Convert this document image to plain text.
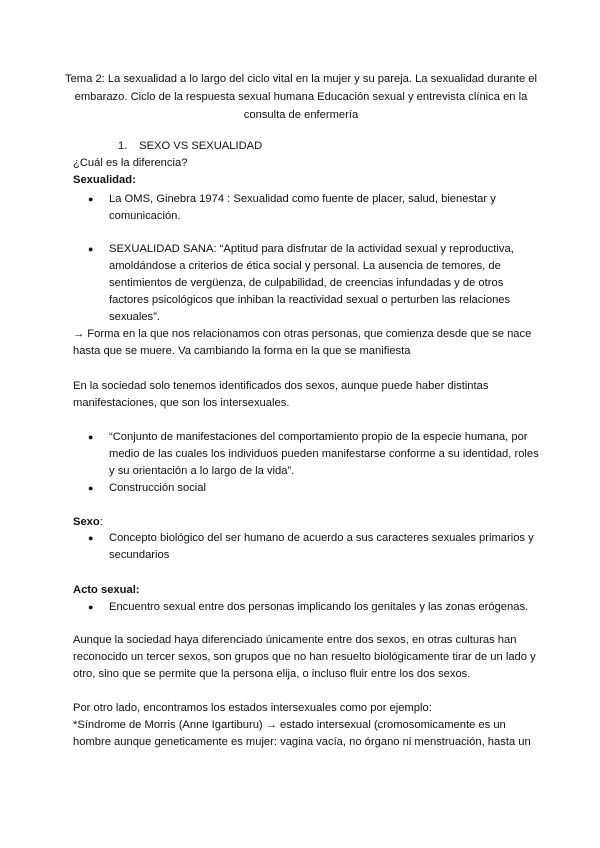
Tema 2: La sexualidad a lo largo del ciclo vital en la mujer y su pareja. La sexualidad durante el embarazo. Ciclo de la respuesta sexual humana Educación sexual y entrevista clínica en la consulta de enfermería

1. SEXO VS SEXUALIDAD

¿Cuál es la diferencia?

Sexualidad:

● La OMS, Ginebra 1974 : Sexualidad como fuente de placer, salud, bienestar y comunicación.
● SEXUALIDAD SANA: “Aptitud para disfrutar de la actividad sexual y reproductiva, amoldándose a criterios de ética social y personal. La ausencia de temores, de sentimientos de vergüenza, de culpabilidad, de creencias infundadas y de otros factores psicológicos que inhiban la reactividad sexual o perturben las relaciones sexuales”.

→ Forma en la que nos relacionamos con otras personas, que comienza desde que se nace hasta que se muere. Va cambiando la forma en la que se manifiesta

En la sociedad solo tenemos identificados dos sexos, aunque puede haber distintas manifestaciones, que son los intersexuales.

● “Conjunto de manifestaciones del comportamiento propio de la especie humana, por medio de las cuales los individuos pueden manifestarse conforme a su identidad, roles y su orientación a lo largo de la vida”.
● Construcción social

Sexo:

● Concepto biológico del ser humano de acuerdo a sus caracteres sexuales primarios y secundarios

Acto sexual:

● Encuentro sexual entre dos personas implicando los genitales y las zonas erógenas.

Aunque la sociedad haya diferenciado únicamente entre dos sexos, en otras culturas han reconocido un tercer sexos, son grupos que no han resuelto biológicamente tirar de un lado y otro, sino que se permite que la persona elija, o incluso fluir entre los dos sexos.

Por otro lado, encontramos los estados intersexuales como por ejemplo:

*Síndrome de Morris (Anne Igartiburu) → estado intersexual (cromosomicamente es un hombre aunque geneticamente es mujer: vagina vacía, no órgano ni menstruación, hasta un
